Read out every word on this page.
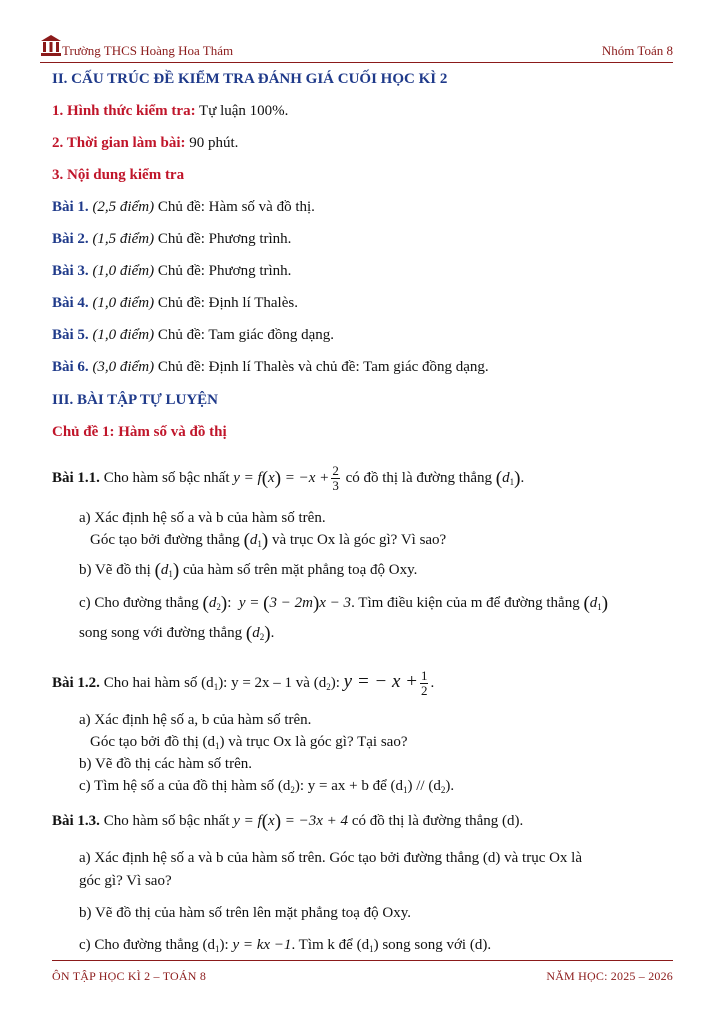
Trường THCS Hoàng Hoa Thám	Nhóm Toán 8
II. CẤU TRÚC ĐỀ KIỂM TRA ĐÁNH GIÁ CUỐI HỌC KÌ 2
1. Hình thức kiểm tra: Tự luận 100%.
2. Thời gian làm bài: 90 phút.
3. Nội dung kiểm tra
Bài 1. (2,5 điểm) Chủ đề: Hàm số và đồ thị.
Bài 2. (1,5 điểm) Chủ đề: Phương trình.
Bài 3. (1,0 điểm) Chủ đề: Phương trình.
Bài 4. (1,0 điểm) Chủ đề: Định lí Thalès.
Bài 5. (1,0 điểm) Chủ đề: Tam giác đồng dạng.
Bài 6. (3,0 điểm) Chủ đề: Định lí Thalès và chủ đề: Tam giác đồng dạng.
III. BÀI TẬP TỰ LUYỆN
Chủ đề 1: Hàm số và đồ thị
Bài 1.1. Cho hàm số bậc nhất $y = f(x) = -x + \frac{2}{3}$ có đồ thị là đường thẳng $(d_1)$.
a) Xác định hệ số a và b của hàm số trên.
Góc tạo bởi đường thẳng $(d_1)$ và trục Ox là góc gì? Vì sao?
b) Vẽ đồ thị $(d_1)$ của hàm số trên mặt phẳng toạ độ Oxy.
c) Cho đường thẳng $(d_2)$: y = (3 − 2m)x − 3. Tìm điều kiện của m để đường thẳng $(d_1)$
song song với đường thẳng $(d_2)$.
Bài 1.2. Cho hai hàm số $(d_1)$: y = 2x – 1 và $(d_2)$: y = − $x + \frac{1}{2}$ .
a) Xác định hệ số a, b của hàm số trên.
Góc tạo bởi đồ thị $(d_1)$ và trục Ox là góc gì? Tại sao?
b) Vẽ đồ thị các hàm số trên.
c) Tìm hệ số a của đồ thị hàm số $(d_2)$: y = ax + b để $(d_1) // (d_2)$.
Bài 1.3. Cho hàm số bậc nhất y = f(x) = −3x + 4 có đồ thị là đường thẳng (d).
a) Xác định hệ số a và b của hàm số trên. Góc tạo bởi đường thẳng (d) và trục Ox là
góc gì? Vì sao?
b) Vẽ đồ thị của hàm số trên lên mặt phẳng toạ độ Oxy.
c) Cho đường thẳng $(d_1)$: y = kx −1. Tìm k để $(d_1)$ song song với (d).
ÔN TẬP HỌC KÌ 2 – TOÁN 8	NĂM HỌC: 2025 – 2026
